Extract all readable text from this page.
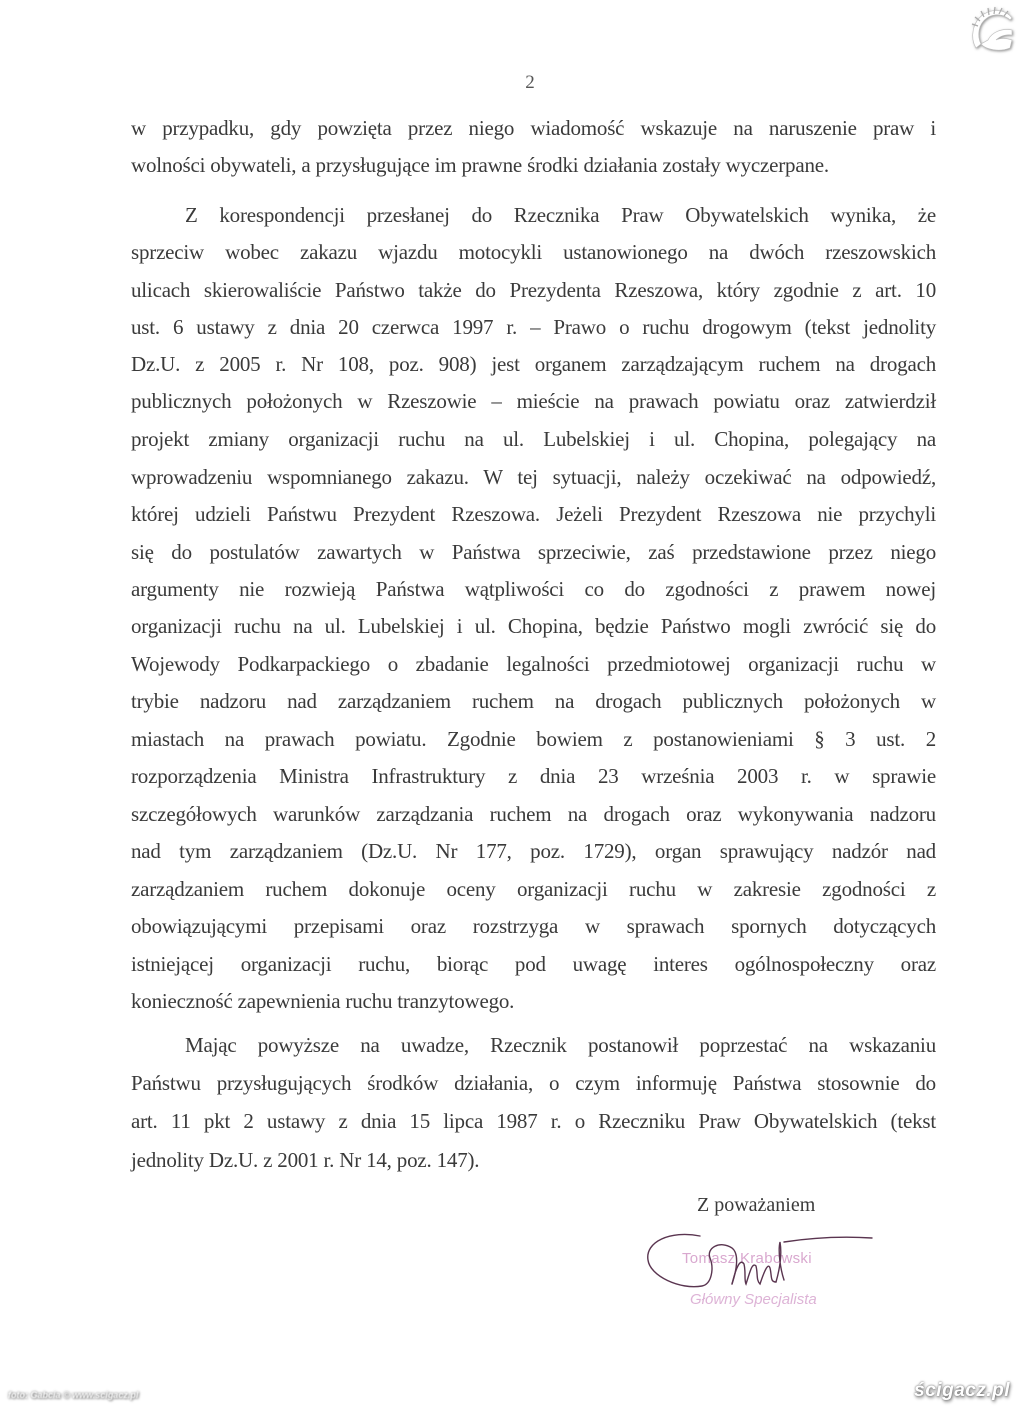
2
w przypadku, gdy powzięta przez niego wiadomość wskazuje na naruszenie praw i
wolności obywateli, a przysługujące im prawne środki działania zostały wyczerpane.
Z korespondencji przesłanej do Rzecznika Praw Obywatelskich wynika, że
sprzeciw wobec zakazu wjazdu motocykli ustanowionego na dwóch rzeszowskich
ulicach skierowaliście Państwo także do Prezydenta Rzeszowa, który zgodnie z art. 10
ust. 6 ustawy z dnia 20 czerwca 1997 r. – Prawo o ruchu drogowym (tekst jednolity
Dz.U. z 2005 r. Nr 108, poz. 908) jest organem zarządzającym ruchem na drogach
publicznych położonych w Rzeszowie – mieście na prawach powiatu oraz zatwierdził
projekt zmiany organizacji ruchu na ul. Lubelskiej i ul. Chopina, polegający na
wprowadzeniu wspomnianego zakazu. W tej sytuacji, należy oczekiwać na odpowiedź,
której udzieli Państwu Prezydent Rzeszowa. Jeżeli Prezydent Rzeszowa nie przychyli
się do postulatów zawartych w Państwa sprzeciwie, zaś przedstawione przez niego
argumenty nie rozwieją Państwa wątpliwości co do zgodności z prawem nowej
organizacji ruchu na ul. Lubelskiej i ul. Chopina, będzie Państwo mogli zwrócić się do
Wojewody Podkarpackiego o zbadanie legalności przedmiotowej organizacji ruchu w
trybie nadzoru nad zarządzaniem ruchem na drogach publicznych położonych w
miastach na prawach powiatu. Zgodnie bowiem z postanowieniami § 3 ust. 2
rozporządzenia Ministra Infrastruktury z dnia 23 września 2003 r. w sprawie
szczegółowych warunków zarządzania ruchem na drogach oraz wykonywania nadzoru
nad tym zarządzaniem (Dz.U. Nr 177, poz. 1729), organ sprawujący nadzór nad
zarządzaniem ruchem dokonuje oceny organizacji ruchu w zakresie zgodności z
obowiązującymi przepisami oraz rozstrzyga w sprawach spornych dotyczących
istniejącej organizacji ruchu, biorąc pod uwagę interes ogólnospołeczny oraz
konieczność zapewnienia ruchu tranzytowego.
Mając powyższe na uwadze, Rzecznik postanowił poprzestać na wskazaniu
Państwu przysługujących środków działania, o czym informuję Państwa stosownie do
art. 11 pkt 2 ustawy z dnia 15 lipca 1987 r. o Rzeczniku Praw Obywatelskich (tekst
jednolity Dz.U. z 2001 r. Nr 14, poz. 147).
Z poważaniem
Tomasz Krabowski
Główny Specjalista
foto: Gabcia © www.scigacz.pl	ścigacz.pl
